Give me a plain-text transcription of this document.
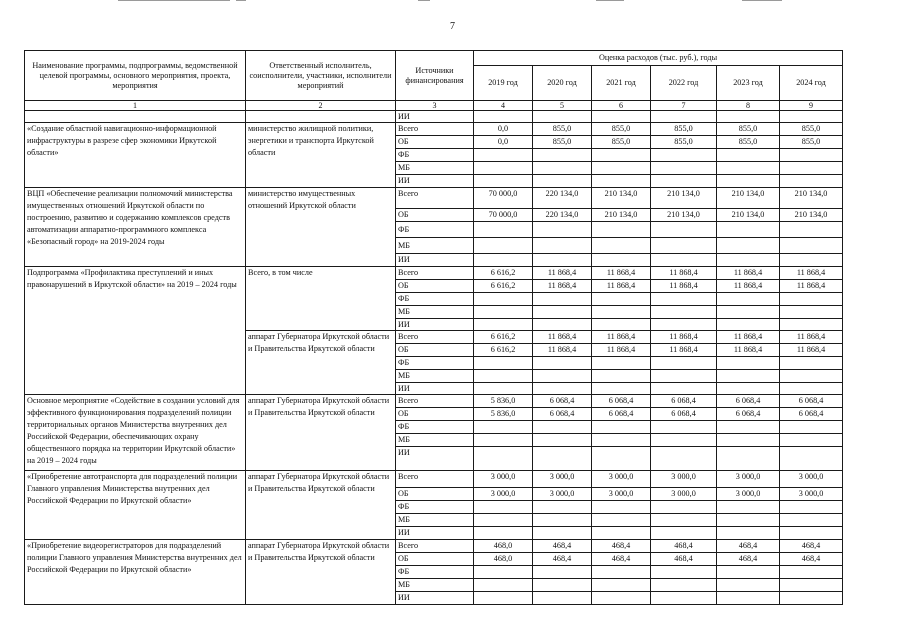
7
Наименование программы, подпрограммы, ведомственной целевой программы, основного мероприятия, проекта, мероприятия	Ответственный исполнитель, соисполнители, участники, исполнители мероприятий	Источники финансирования	Оценка расходов (тыс. руб.), годы					
			2019 год	2020 год	2021 год	2022 год	2023 год	2024 год
1	2	3	4	5	6	7	8	9
		ИИ						
«Создание областной навигационно-информационной инфраструктуры в разрезе сфер экономики Иркутской области»	министерство жилищной политики, энергетики и транспорта Иркутской области	Всего	0,0	855,0	855,0	855,0	855,0	855,0
		ОБ	0,0	855,0	855,0	855,0	855,0	855,0
		ФБ						
		МБ						
		ИИ						
ВЦП «Обеспечение реализации полномочий министерства имущественных отношений Иркутской области по построению, развитию и содержанию комплексов средств автоматизации аппаратно-программного комплекса «Безопасный город» на 2019-2024 годы	министерство имущественных отношений Иркутской области	Всего	70 000,0	220 134,0	210 134,0	210 134,0	210 134,0	210 134,0
		ОБ	70 000,0	220 134,0	210 134,0	210 134,0	210 134,0	210 134,0
		ФБ						
		МБ						
		ИИ						
Подпрограмма «Профилактика преступлений и иных правонарушений в Иркутской области» на 2019 – 2024 годы	Всего, в том числе	Всего	6 616,2	11 868,4	11 868,4	11 868,4	11 868,4	11 868,4
		ОБ	6 616,2	11 868,4	11 868,4	11 868,4	11 868,4	11 868,4
		ФБ						
		МБ						
		ИИ						
	аппарат Губернатора Иркутской области и Правительства Иркутской области	Всего	6 616,2	11 868,4	11 868,4	11 868,4	11 868,4	11 868,4
		ОБ	6 616,2	11 868,4	11 868,4	11 868,4	11 868,4	11 868,4
		ФБ						
		МБ						
		ИИ						
Основное мероприятие «Содействие в создании условий для эффективного функционирования подразделений полиции территориальных органов Министерства внутренних дел Российской Федерации, обеспечивающих охрану общественного порядка на территории Иркутской области» на 2019 – 2024 годы	аппарат Губернатора Иркутской области и Правительства Иркутской области	Всего	5 836,0	6 068,4	6 068,4	6 068,4	6 068,4	6 068,4
		ОБ	5 836,0	6 068,4	6 068,4	6 068,4	6 068,4	6 068,4
		ФБ						
		МБ						
		ИИ						
«Приобретение автотранспорта для подразделений полиции Главного управления Министерства внутренних дел Российской Федерации по Иркутской области»	аппарат Губернатора Иркутской области и Правительства Иркутской области	Всего	3 000,0	3 000,0	3 000,0	3 000,0	3 000,0	3 000,0
		ОБ	3 000,0	3 000,0	3 000,0	3 000,0	3 000,0	3 000,0
		ФБ						
		МБ						
		ИИ						
«Приобретение видеорегистраторов для подразделений полиции Главного управления Министерства внутренних дел Российской Федерации по Иркутской области»	аппарат Губернатора Иркутской области и Правительства Иркутской области	Всего	468,0	468,4	468,4	468,4	468,4	468,4
		ОБ	468,0	468,4	468,4	468,4	468,4	468,4
		ФБ						
		МБ						
		ИИ						
